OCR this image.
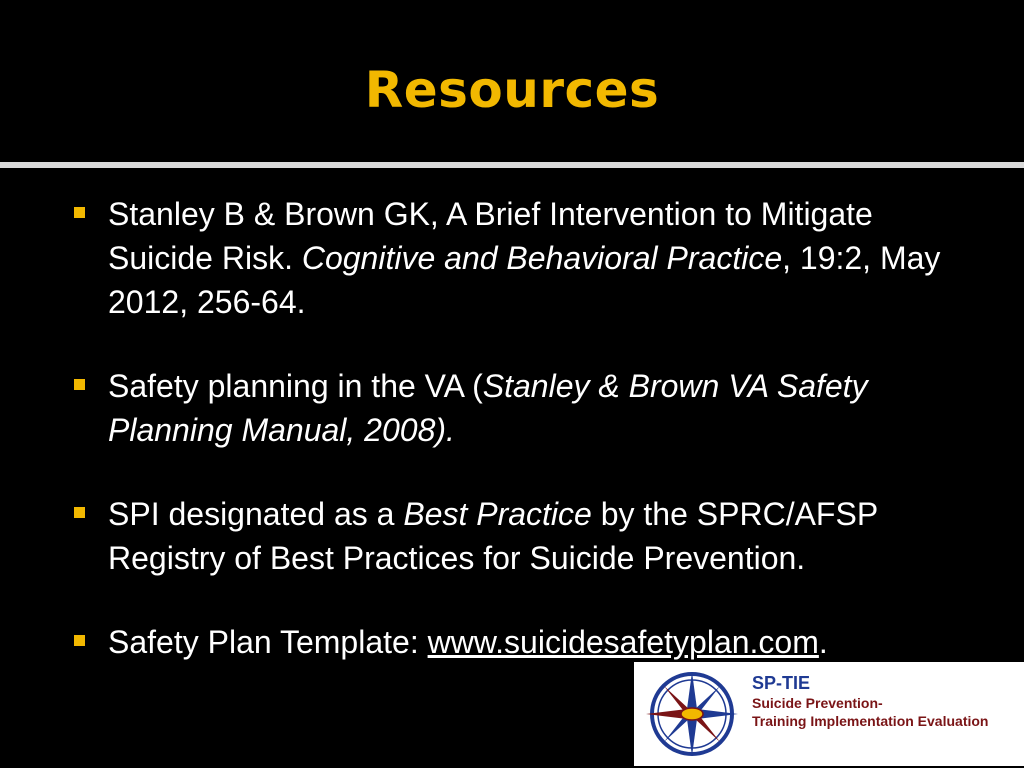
Resources
Stanley B & Brown GK, A Brief Intervention to Mitigate Suicide Risk. Cognitive and Behavioral Practice, 19:2, May 2012, 256-64.
Safety planning in the VA (Stanley & Brown VA Safety Planning Manual, 2008).
SPI designated as a Best Practice by the SPRC/AFSP Registry of Best Practices for Suicide Prevention.
Safety Plan Template: www.suicidesafetyplan.com.
SP-TIE
Suicide Prevention-
Training Implementation Evaluation
